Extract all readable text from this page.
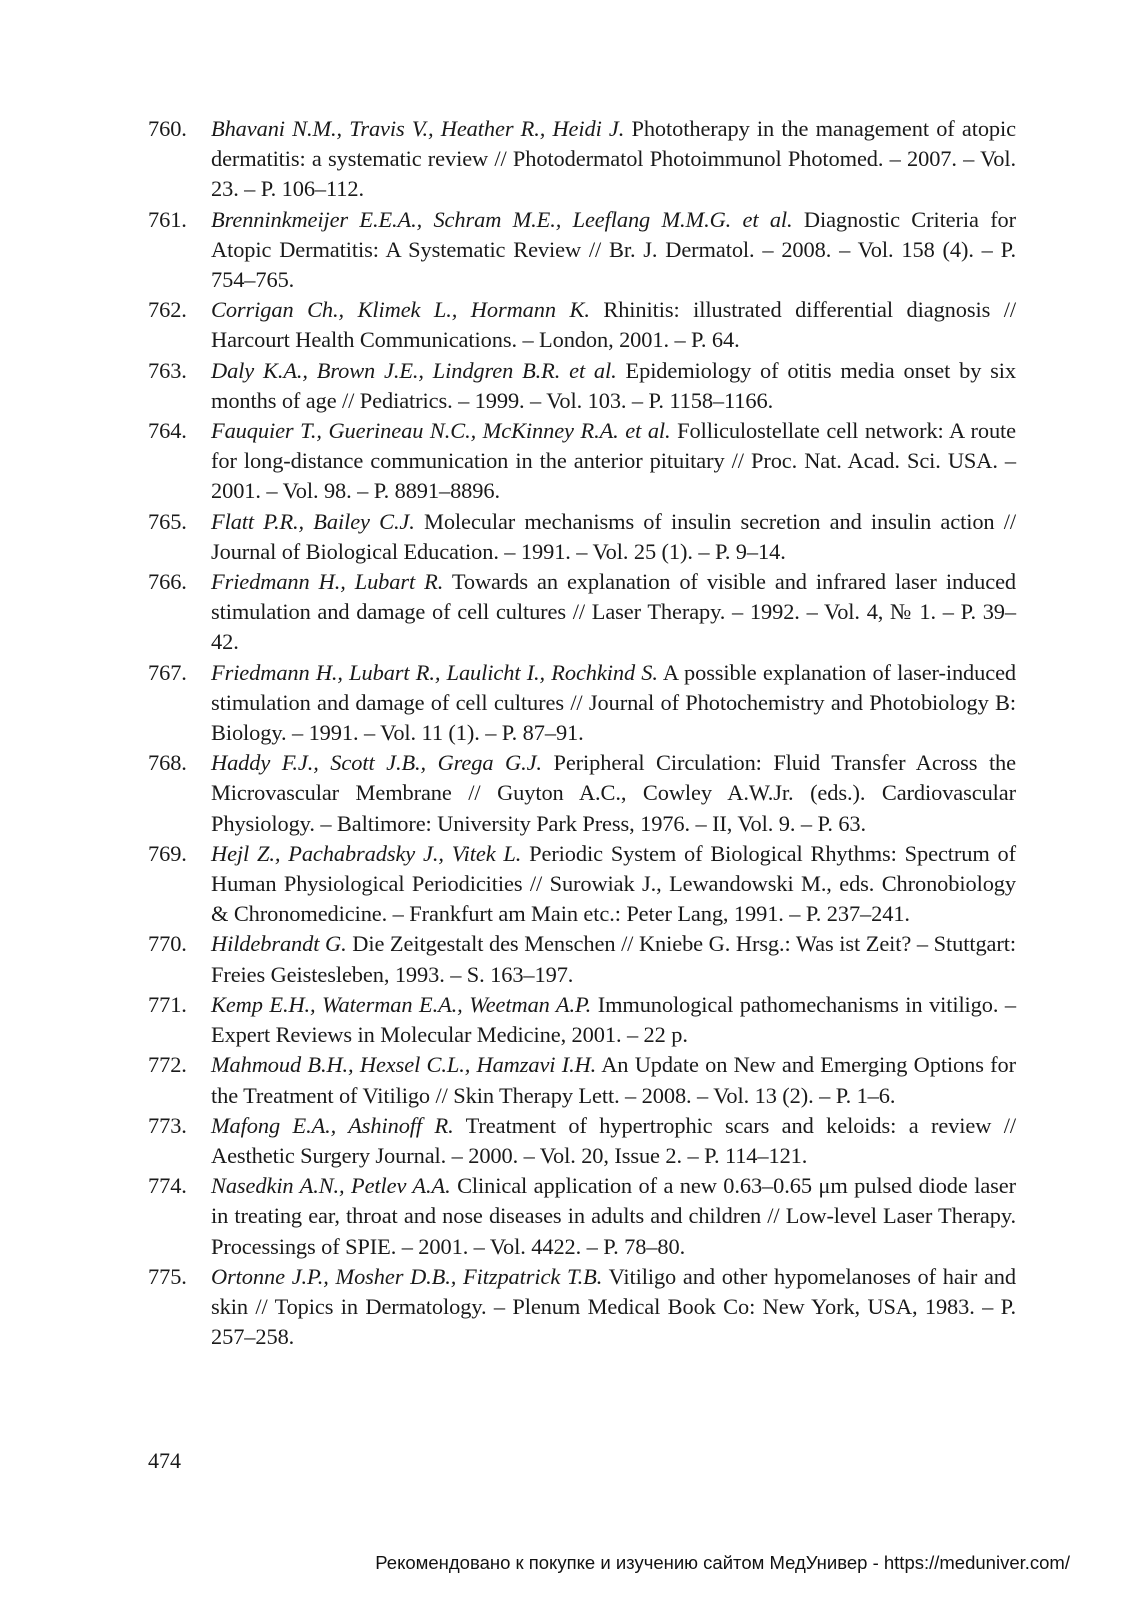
760. Bhavani N.M., Travis V., Heather R., Heidi J. Phototherapy in the management of atopic dermatitis: a systematic review // Photodermatol Photoimmunol Photomed. – 2007. – Vol. 23. – P. 106–112.
761. Brenninkmeijer E.E.A., Schram M.E., Leeflang M.M.G. et al. Diagnostic Criteria for Atopic Dermatitis: A Systematic Review // Br. J. Dermatol. – 2008. – Vol. 158 (4). – P. 754–765.
762. Corrigan Ch., Klimek L., Hormann K. Rhinitis: illustrated differential diagnosis // Harcourt Health Communications. – London, 2001. – P. 64.
763. Daly K.A., Brown J.E., Lindgren B.R. et al. Epidemiology of otitis media onset by six months of age // Pediatrics. – 1999. – Vol. 103. – P. 1158–1166.
764. Fauquier T., Guerineau N.C., McKinney R.A. et al. Folliculostellate cell network: A route for long-distance communication in the anterior pituitary // Proc. Nat. Acad. Sci. USA. – 2001. – Vol. 98. – P. 8891–8896.
765. Flatt P.R., Bailey C.J. Molecular mechanisms of insulin secretion and insulin action // Journal of Biological Education. – 1991. – Vol. 25 (1). – P. 9–14.
766. Friedmann H., Lubart R. Towards an explanation of visible and infrared laser induced stimulation and damage of cell cultures // Laser Therapy. – 1992. – Vol. 4, № 1. – P. 39–42.
767. Friedmann H., Lubart R., Laulicht I., Rochkind S. A possible explanation of laser-induced stimulation and damage of cell cultures // Journal of Photochemistry and Photobiology B: Biology. – 1991. – Vol. 11 (1). – P. 87–91.
768. Haddy F.J., Scott J.B., Grega G.J. Peripheral Circulation: Fluid Transfer Across the Microvascular Membrane // Guyton A.C., Cowley A.W.Jr. (eds.). Cardiovascular Physiology. – Baltimore: University Park Press, 1976. – II, Vol. 9. – P. 63.
769. Hejl Z., Pachabradsky J., Vitek L. Periodic System of Biological Rhythms: Spectrum of Human Physiological Periodicities // Surowiak J., Lewandowski M., eds. Chronobiology & Chronomedicine. – Frankfurt am Main etc.: Peter Lang, 1991. – P. 237–241.
770. Hildebrandt G. Die Zeitgestalt des Menschen // Kniebe G. Hrsg.: Was ist Zeit? – Stuttgart: Freies Geistesleben, 1993. – S. 163–197.
771. Kemp E.H., Waterman E.A., Weetman A.P. Immunological pathomechanisms in vitiligo. – Expert Reviews in Molecular Medicine, 2001. – 22 p.
772. Mahmoud B.H., Hexsel C.L., Hamzavi I.H. An Update on New and Emerging Options for the Treatment of Vitiligo // Skin Therapy Lett. – 2008. – Vol. 13 (2). – P. 1–6.
773. Mafong E.A., Ashinoff R. Treatment of hypertrophic scars and keloids: a review // Aesthetic Surgery Journal. – 2000. – Vol. 20, Issue 2. – P. 114–121.
774. Nasedkin A.N., Petlev A.A. Clinical application of a new 0.63–0.65 μm pulsed diode laser in treating ear, throat and nose diseases in adults and children // Low-level Laser Therapy. Processings of SPIE. – 2001. – Vol. 4422. – P. 78–80.
775. Ortonne J.P., Mosher D.B., Fitzpatrick T.B. Vitiligo and other hypomelanoses of hair and skin // Topics in Dermatology. – Plenum Medical Book Co: New York, USA, 1983. – P. 257–258.
474
Рекомендовано к покупке и изучению сайтом МедУнивер - https://meduniver.com/
